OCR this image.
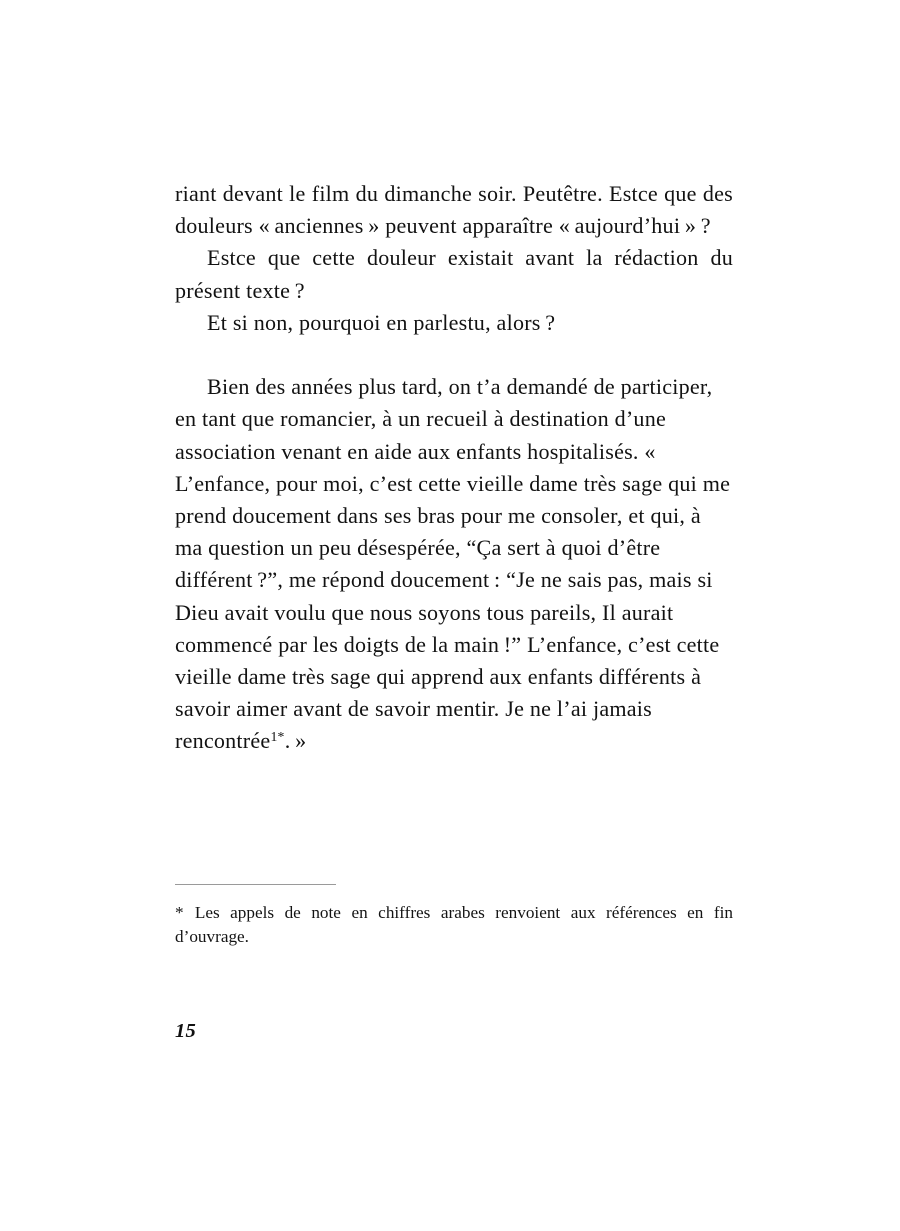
riant devant le film du dimanche soir. Peutêtre. Estce que des douleurs « anciennes » peuvent apparaître « aujourd’hui » ?

Estce que cette douleur existait avant la rédaction du présent texte ?

Et si non, pourquoi en parlestu, alors ?

Bien des années plus tard, on t’a demandé de participer, en tant que romancier, à un recueil à destination d’une association venant en aide aux enfants hospitalisés. « L’enfance, pour moi, c’est cette vieille dame très sage qui me prend doucement dans ses bras pour me consoler, et qui, à ma question un peu désespérée, “Ça sert à quoi d’être différent ?”, me répond doucement : “Je ne sais pas, mais si Dieu avait voulu que nous soyons tous pareils, Il aurait commencé par les doigts de la main !” L’enfance, c’est cette vieille dame très sage qui apprend aux enfants différents à savoir aimer avant de savoir mentir. Je ne l’ai jamais rencontrée$^{1*}$. »

* Les appels de note en chiffres arabes renvoient aux références en fin d’ouvrage.

15
